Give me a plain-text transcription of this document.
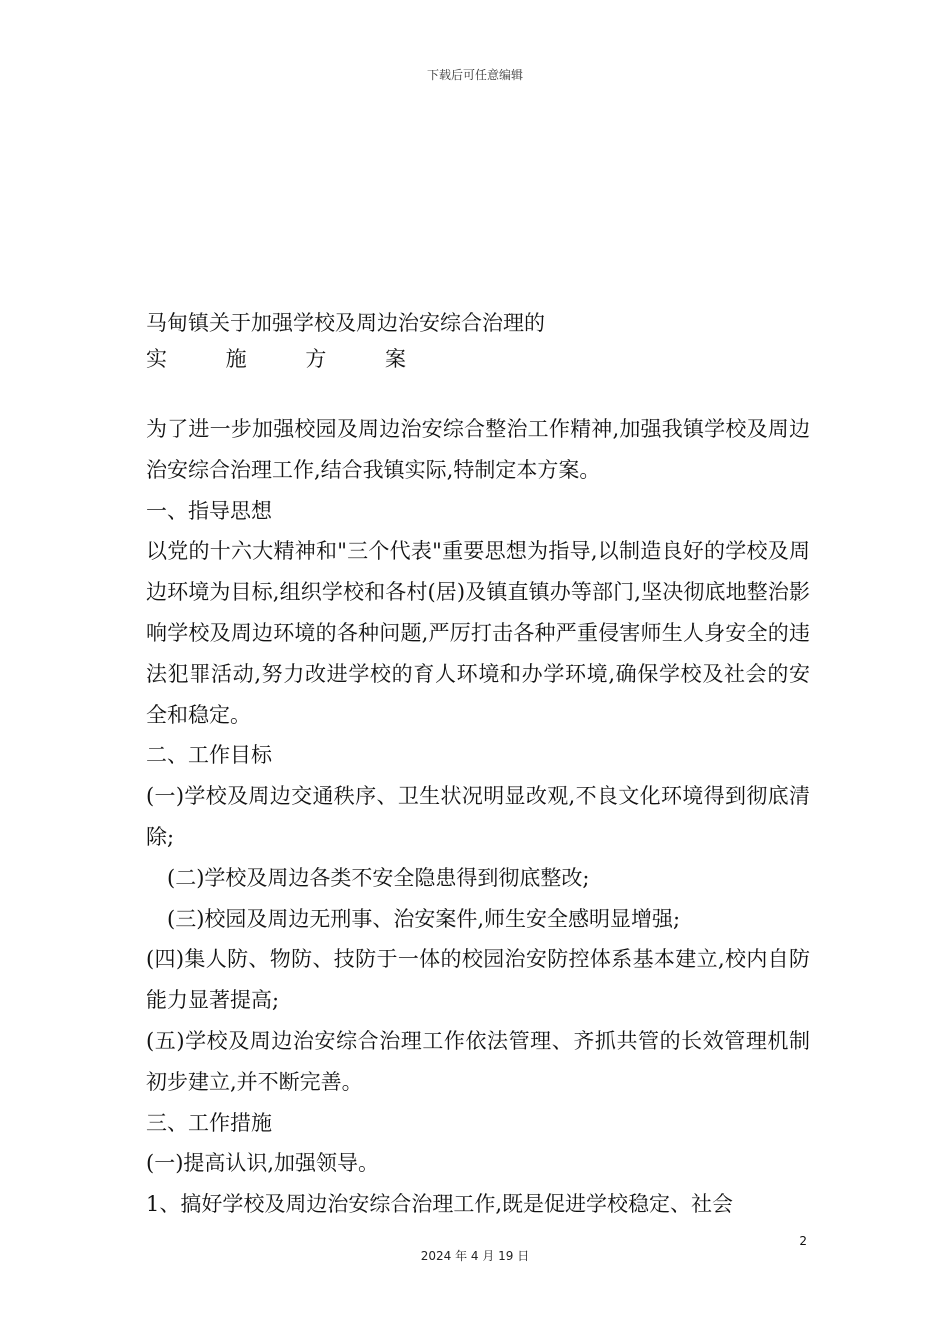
下载后可任意编辑
马甸镇关于加强学校及周边治安综合治理的
实	施	方	案

为了进一步加强校园及周边治安综合整治工作精神,加强我镇学校及周边治安综合治理工作,结合我镇实际,特制定本方案。

一、指导思想

以党的十六大精神和"三个代表"重要思想为指导,以制造良好的学校及周边环境为目标,组织学校和各村(居)及镇直镇办等部门,坚决彻底地整治影响学校及周边环境的各种问题,严厉打击各种严重侵害师生人身安全的违法犯罪活动,努力改进学校的育人环境和办学环境,确保学校及社会的安全和稳定。

二、工作目标

(一)学校及周边交通秩序、卫生状况明显改观,不良文化环境得到彻底清除;

(二)学校及周边各类不安全隐患得到彻底整改;

(三)校园及周边无刑事、治安案件,师生安全感明显增强;

(四)集人防、物防、技防于一体的校园治安防控体系基本建立,校内自防能力显著提高;

(五)学校及周边治安综合治理工作依法管理、齐抓共管的长效管理机制初步建立,并不断完善。

三、工作措施

(一)提高认识,加强领导。

1、搞好学校及周边治安综合治理工作,既是促进学校稳定、社会

2
2024 年 4 月 19 日
